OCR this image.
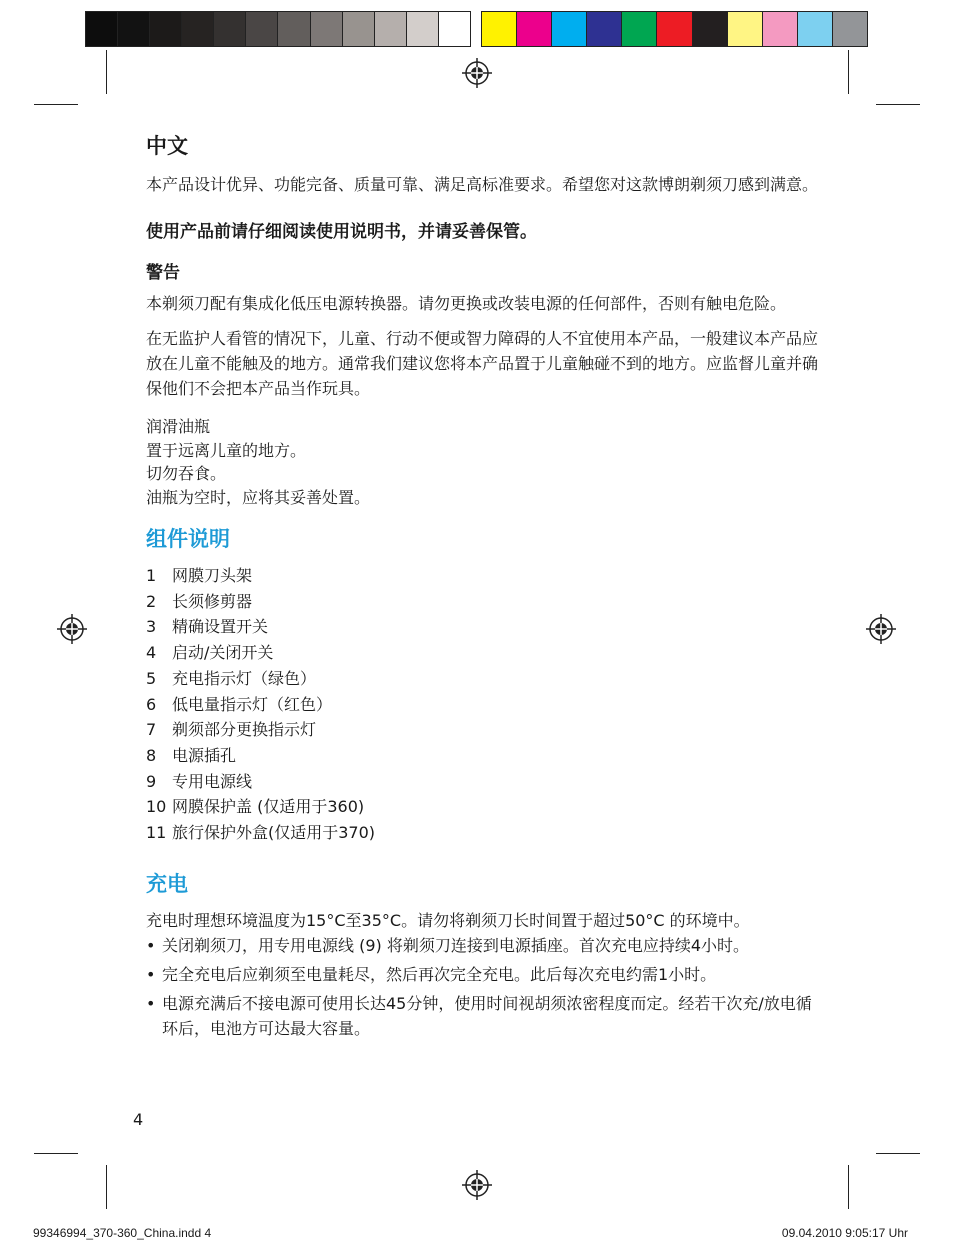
中文

本产品设计优异、功能完备、质量可靠、满足高标准要求。希望您对这款博朗剃须刀感到满意。

使用产品前请仔细阅读使用说明书，并请妥善保管。

警告

本剃须刀配有集成化低压电源转换器。请勿更换或改装电源的任何部件，否则有触电危险。

在无监护人看管的情况下，儿童、行动不便或智力障碍的人不宜使用本产品，一般建议本产品应放在儿童不能触及的地方。通常我们建议您将本产品置于儿童触碰不到的地方。应监督儿童并确保他们不会把本产品当作玩具。

润滑油瓶

置于远离儿童的地方。

切勿吞食。

油瓶为空时，应将其妥善处置。

组件说明
1 网膜刀头架
2 长须修剪器
3 精确设置开关
4 启动/关闭开关
5 充电指示灯（绿色）
6 低电量指示灯（红色）
7 剃须部分更换指示灯
8 电源插孔
9 专用电源线
10 网膜保护盖 (仅适用于360)
11 旅行保护外盒(仅适用于370)
充电

充电时理想环境温度为15°C至35°C。请勿将剃须刀长时间置于超过50°C 的环境中。

• 关闭剃须刀，用专用电源线 (9) 将剃须刀连接到电源插座。首次充电应持续4小时。
• 完全充电后应剃须至电量耗尽，然后再次完全充电。此后每次充电约需1小时。
• 电源充满后不接电源可使用长达45分钟，使用时间视胡须浓密程度而定。经若干次充/放电循环后，电池方可达最大容量。
4
99346994_370-360_China.indd 4	09.04.2010 9:05:17 Uhr
